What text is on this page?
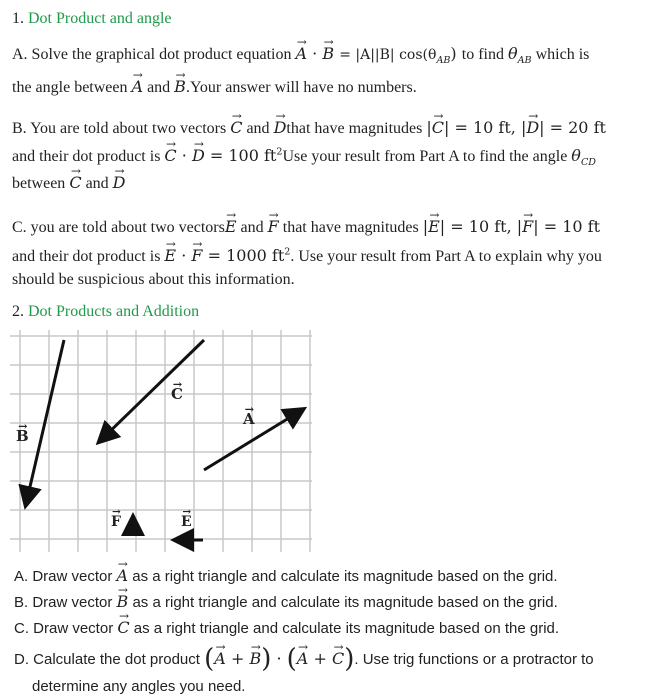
1. Dot Product and angle
A. Solve the graphical dot product equation → A · → B = |A||B| $\cos(\theta_{AB})$ to find $\theta_{AB}$ which is
the angle between → A and → B.Your answer will have no numbers.
B. You are told about two vectors → C and → Dthat have magnitudes |→ C| = 10 ft, |→ D| = 20 ft
and their dot product is → C · → D = 100 $ft^2Use$ your result from Part A to find the angle $\theta_{CD}$
between → C and → D
C. you are told about two vectors→ E and → F that have magnitudes |→ E| = 10 ft, |→ F| = 10 ft
and their dot product is → E · → F = 1000 $ft^2$. Use your result from Part A to explain why you
should be suspicious about this information.
2. Dot Products and Addition
→ B
→ C
→ A
→ F	→ E
A. Draw vector → A as a right triangle and calculate its magnitude based on the grid.
B. Draw vector → B as a right triangle and calculate its magnitude based on the grid.
C. Draw vector → C as a right triangle and calculate its magnitude based on the grid.
D. Calculate the dot product (→ A + → B) · (→ A + → C). Use trig functions or a protractor to
determine any angles you need.
